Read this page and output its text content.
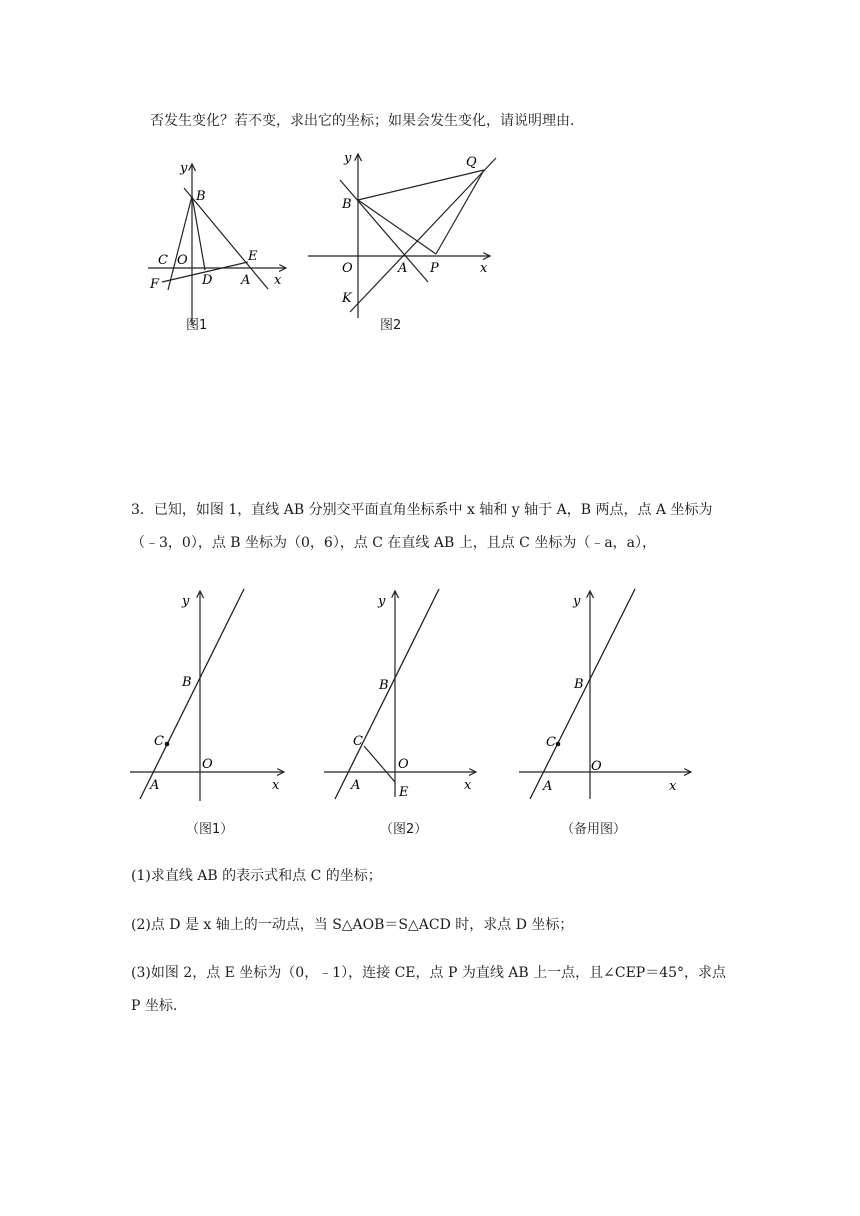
否发生变化？若不变，求出它的坐标；如果会发生变化，请说明理由.
y
B
C O	E
x
F	D A
图1
y	Q
B
O	A P	x
K
图2
3．已知，如图 1，直线 AB 分别交平面直角坐标系中 x 轴和 y 轴于 A，B 两点，点 A 坐标为
（﹣3，0），点 B 坐标为（0，6），点 C 在直线 AB 上，且点 C 坐标为（﹣a，a），
y
B
C
O
A	x
（图1）
y
B
C
O
A	E	x
（图2）
y
B
C
O
A	x
（备用图）
(1)求直线 AB 的表示式和点 C 的坐标；
(2)点 D 是 x 轴上的一动点，当 S△AOB＝S△ACD 时，求点 D 坐标；
(3)如图 2，点 E 坐标为（0，﹣1），连接 CE，点 P 为直线 AB 上一点，且∠CEP＝45°，求点
P 坐标.
